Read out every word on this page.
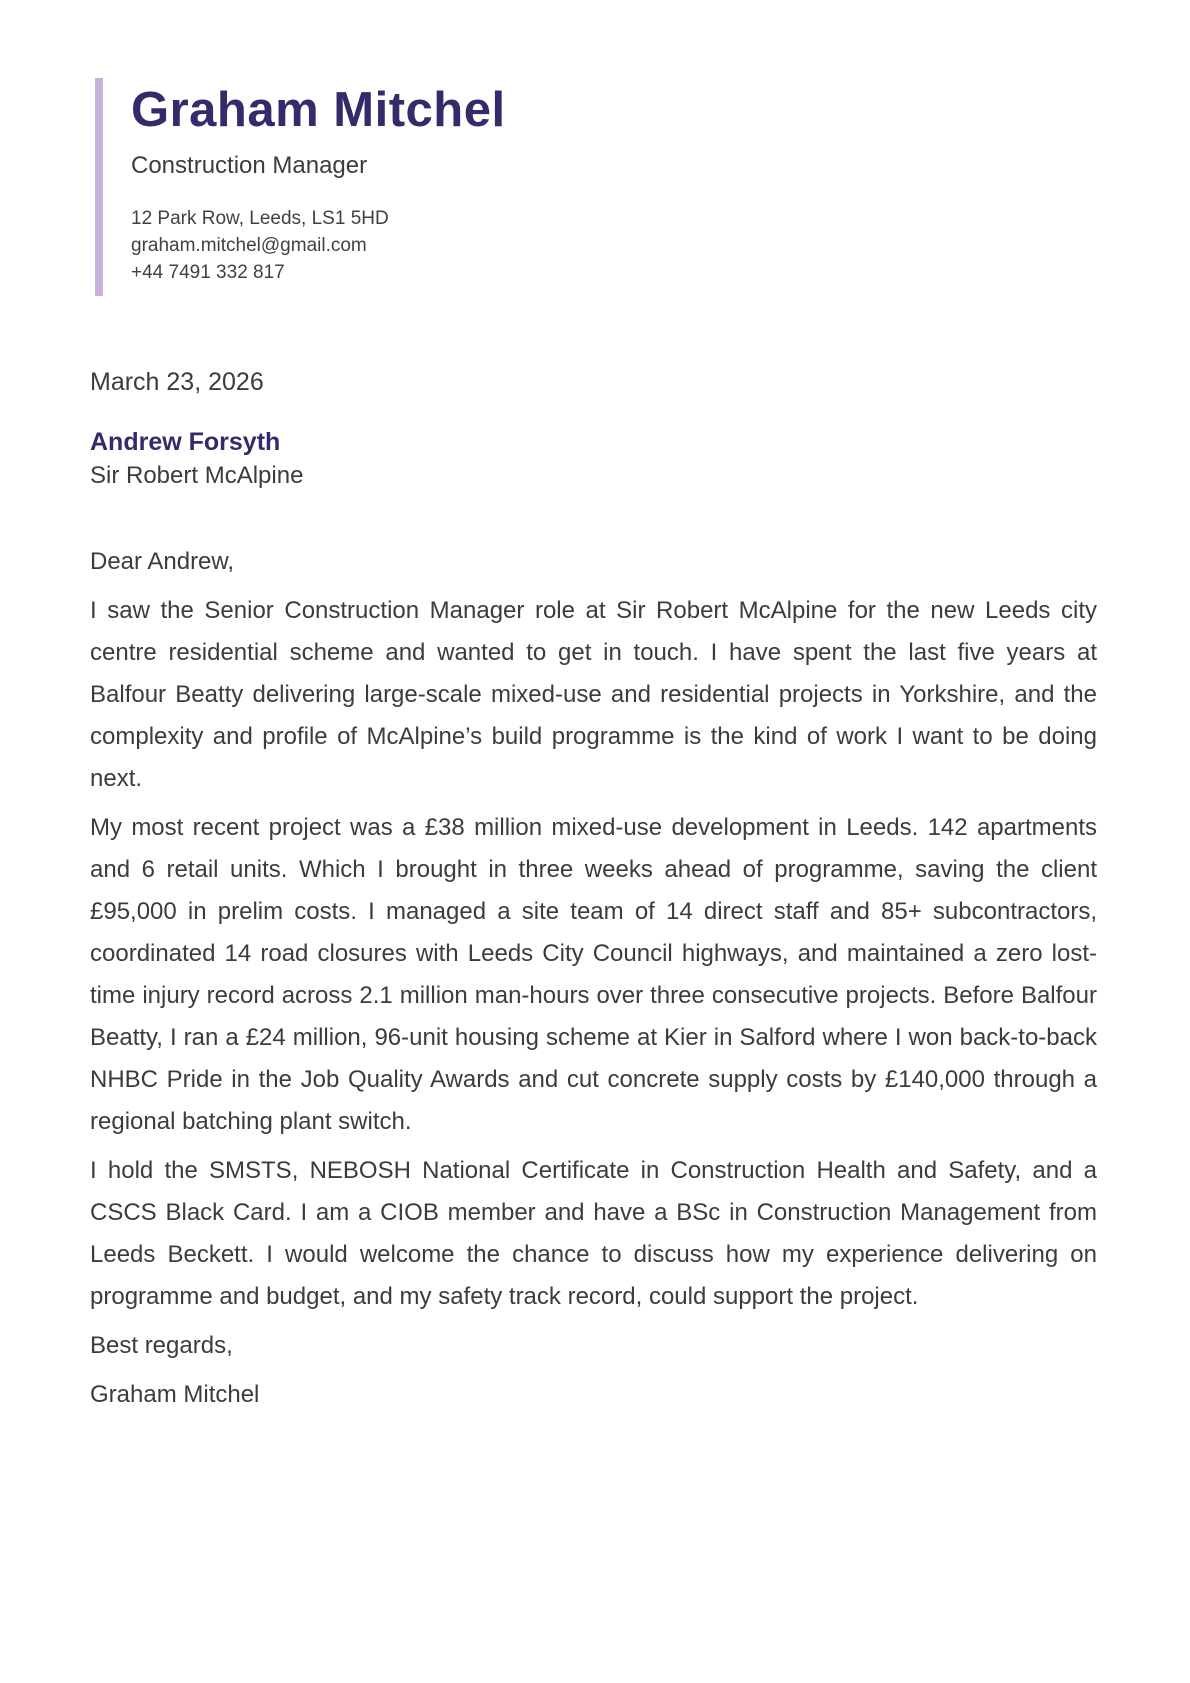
Graham Mitchel
Construction Manager
12 Park Row, Leeds, LS1 5HD
graham.mitchel@gmail.com
+44 7491 332 817
March 23, 2026
Andrew Forsyth
Sir Robert McAlpine

Dear Andrew,

I saw the Senior Construction Manager role at Sir Robert McAlpine for the new Leeds city centre residential scheme and wanted to get in touch. I have spent the last five years at Balfour Beatty delivering large-scale mixed-use and residential projects in Yorkshire, and the complexity and profile of McAlpine’s build programme is the kind of work I want to be doing next.

My most recent project was a £38 million mixed-use development in Leeds. 142 apartments and 6 retail units. Which I brought in three weeks ahead of programme, saving the client £95,000 in prelim costs. I managed a site team of 14 direct staff and 85+ subcontractors, coordinated 14 road closures with Leeds City Council highways, and maintained a zero lost-time injury record across 2.1 million man-hours over three consecutive projects. Before Balfour Beatty, I ran a £24 million, 96-unit housing scheme at Kier in Salford where I won back-to-back NHBC Pride in the Job Quality Awards and cut concrete supply costs by £140,000 through a regional batching plant switch.

I hold the SMSTS, NEBOSH National Certificate in Construction Health and Safety, and a CSCS Black Card. I am a CIOB member and have a BSc in Construction Management from Leeds Beckett. I would welcome the chance to discuss how my experience delivering on programme and budget, and my safety track record, could support the project.

Best regards,

Graham Mitchel
